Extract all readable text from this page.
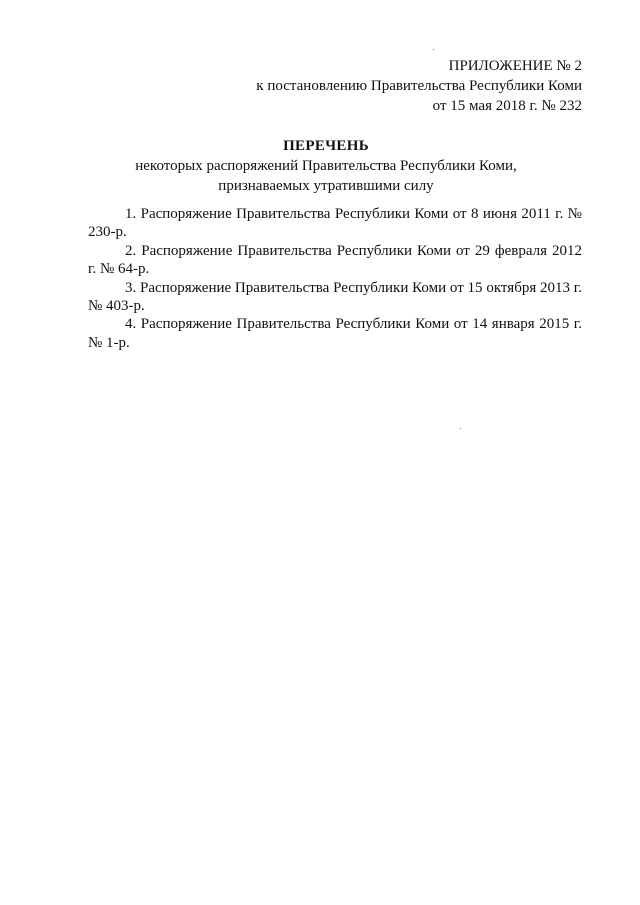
ПРИЛОЖЕНИЕ № 2
к постановлению Правительства Республики Коми
от 15 мая 2018 г. № 232
ПЕРЕЧЕНЬ
некоторых распоряжений Правительства Республики Коми,
признаваемых утратившими силу

1. Распоряжение Правительства Республики Коми от 8 июня 2011 г. № 230-р.

2. Распоряжение Правительства Республики Коми от 29 февраля 2012 г. № 64-р.

3. Распоряжение Правительства Республики Коми от 15 октября 2013 г. № 403-р.

4. Распоряжение Правительства Республики Коми от 14 января 2015 г. № 1-р.
